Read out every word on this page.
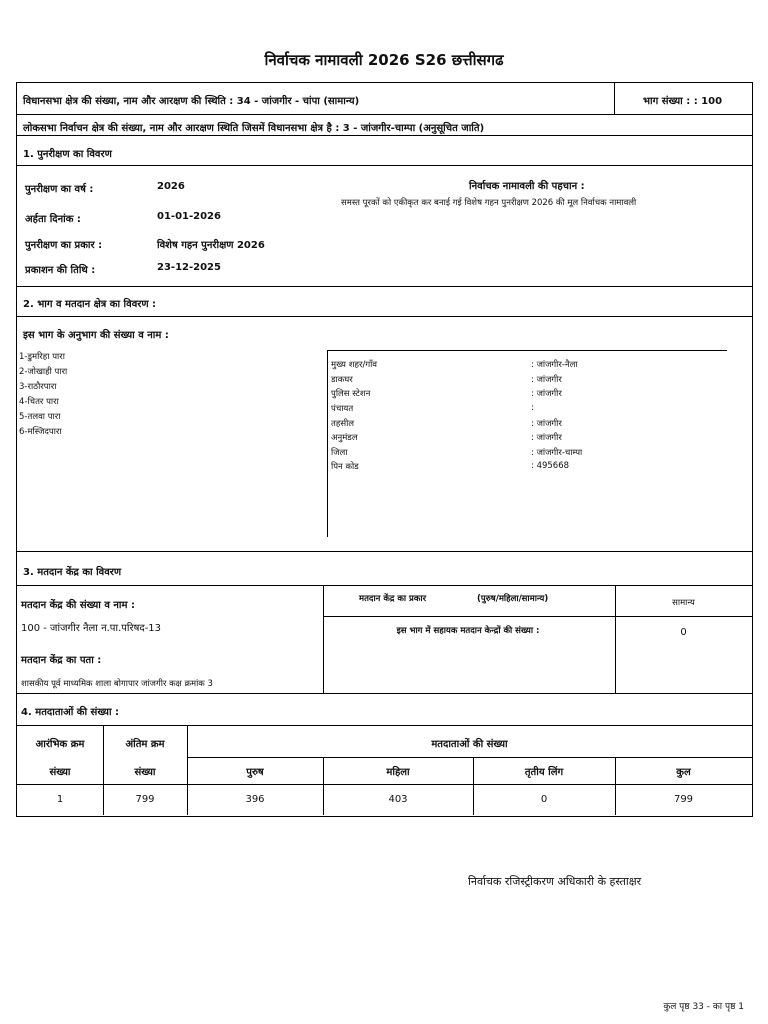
निर्वाचक नामावली 2026 S26 छत्तीसगढ
विधानसभा क्षेत्र की संख्या, नाम और आरक्षण की स्थिति : 34 - जांजगीर - चांपा (सामान्य)	भाग संख्या : : 100
लोकसभा निर्वाचन क्षेत्र की संख्या, नाम और आरक्षण स्थिति जिसमें विधानसभा क्षेत्र है : 3 - जांजगीर-चाम्पा (अनुसूचित जाति)
1. पुनरीक्षण का विवरण
पुनरीक्षण का वर्ष :	2026
अर्हता दिनांक :	01-01-2026
पुनरीक्षण का प्रकार :	विशेष गहन पुनरीक्षण 2026
प्रकाशन की तिथि :	23-12-2025
निर्वाचक नामावली की पहचान :
समस्त पूरकों को एकीकृत कर बनाई गई विशेष गहन पुनरीक्षण 2026 की मूल निर्वाचक नामावली
2. भाग व मतदान क्षेत्र का विवरण :
इस भाग के अनुभाग की संख्या व नाम :
1-डुमरिहा पारा
2-जोखाही पारा
3-राठौरपारा
4-चितर पारा
5-तलवा पारा
6-मस्जिदपारा
मुख्य शहर/गाँव	: जांजगीर-नैला
डाकघर	: जांजगीर
पुलिस स्टेशन	: जांजगीर
पंचायत	:
तहसील	: जांजगीर
अनुमंडल	: जांजगीर
जिला	: जांजगीर-चाम्पा
पिन कोड	: 495668
3. मतदान केंद्र का विवरण
मतदान केंद्र की संख्या व नाम :
100 - जांजगीर नैला न.पा.परिषद-13
मतदान केंद्र का पता :
शासकीय पूर्व माध्यमिक शाला बोगापार जांजगीर कक्ष क्रमांक 3
मतदान केंद्र का प्रकार	(पुरुष/महिला/सामान्य)	सामान्य
इस भाग में सहायक मतदान केन्द्रों की संख्या :	0
4. मतदाताओं की संख्या :
आरंभिक क्रम
संख्या
अंतिम क्रम
संख्या
मतदाताओं की संख्या
पुरुष	महिला	तृतीय लिंग	कुल
1	799	396	403	0	799
निर्वाचक रजिस्ट्रीकरण अधिकारी के हस्ताक्षर
कुल पृष्ठ 33 - का पृष्ठ 1
